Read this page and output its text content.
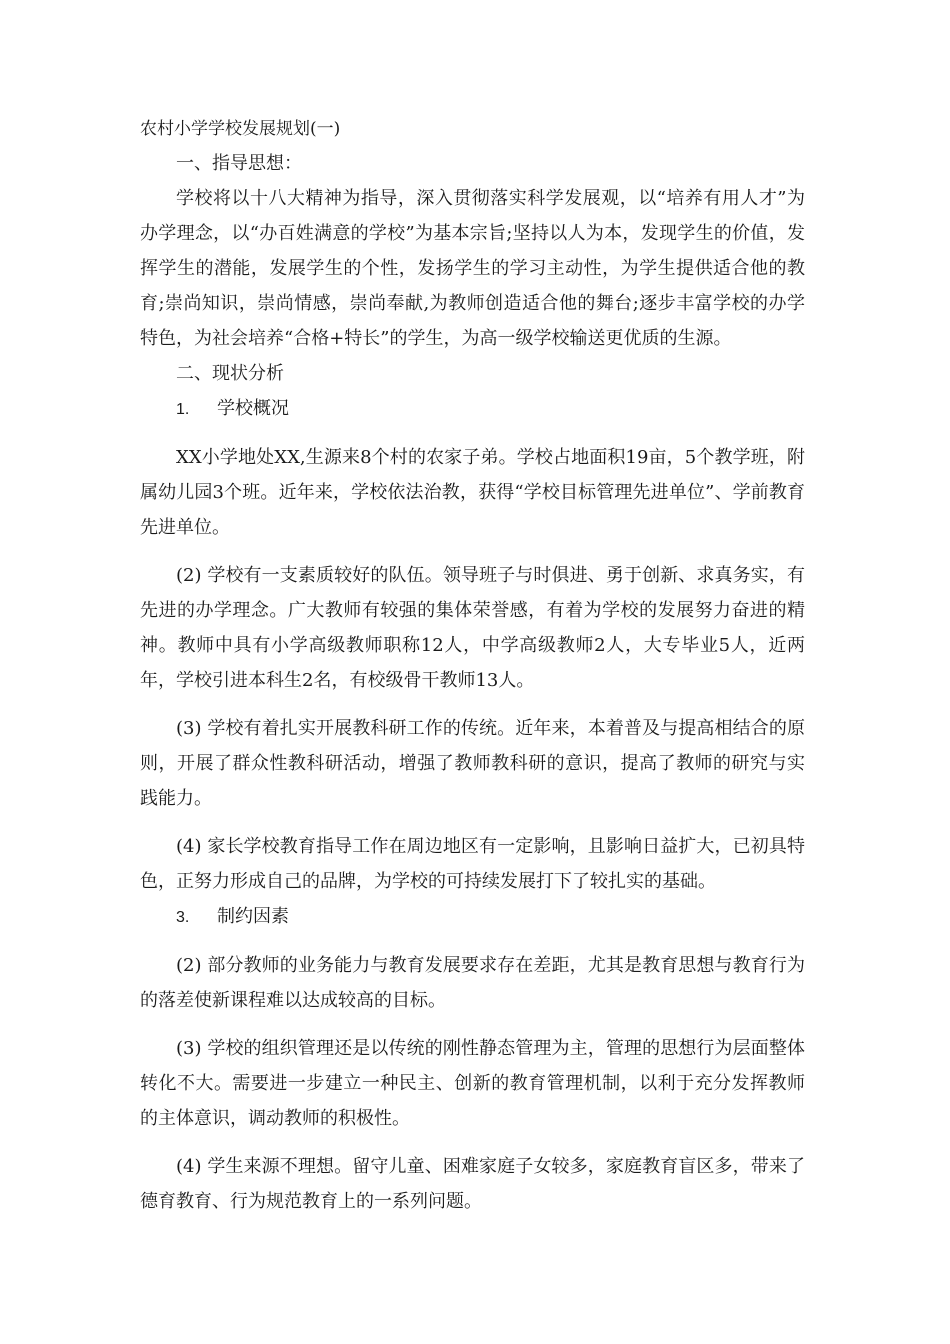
农村小学学校发展规划(一)

一、指导思想：

学校将以十八大精神为指导，深入贯彻落实科学发展观，以“培养有用人才”为办学理念，以“办百姓满意的学校”为基本宗旨;坚持以人为本，发现学生的价值，发挥学生的潜能，发展学生的个性，发扬学生的学习主动性，为学生提供适合他的教育;崇尚知识，崇尚情感，崇尚奉献,为教师创造适合他的舞台;逐步丰富学校的办学特色，为社会培养“合格+特长”的学生，为高一级学校输送更优质的生源。

二、现状分析

1. 学校概况

XX小学地处XX,生源来8个村的农家子弟。学校占地面积19亩，5个教学班，附属幼儿园3个班。近年来，学校依法治教，获得“学校目标管理先进单位”、学前教育先进单位。

(2) 学校有一支素质较好的队伍。领导班子与时俱进、勇于创新、求真务实，有先进的办学理念。广大教师有较强的集体荣誉感，有着为学校的发展努力奋进的精神。教师中具有小学高级教师职称12人，中学高级教师2人，大专毕业5人，近两年，学校引进本科生2名，有校级骨干教师13人。

(3) 学校有着扎实开展教科研工作的传统。近年来，本着普及与提高相结合的原则，开展了群众性教科研活动，增强了教师教科研的意识，提高了教师的研究与实践能力。

(4) 家长学校教育指导工作在周边地区有一定影响，且影响日益扩大，已初具特色，正努力形成自己的品牌，为学校的可持续发展打下了较扎实的基础。

3. 制约因素

(2) 部分教师的业务能力与教育发展要求存在差距，尤其是教育思想与教育行为的落差使新课程难以达成较高的目标。

(3) 学校的组织管理还是以传统的刚性静态管理为主，管理的思想行为层面整体转化不大。需要进一步建立一种民主、创新的教育管理机制，以利于充分发挥教师的主体意识，调动教师的积极性。

(4) 学生来源不理想。留守儿童、困难家庭子女较多，家庭教育盲区多，带来了德育教育、行为规范教育上的一系列问题。
